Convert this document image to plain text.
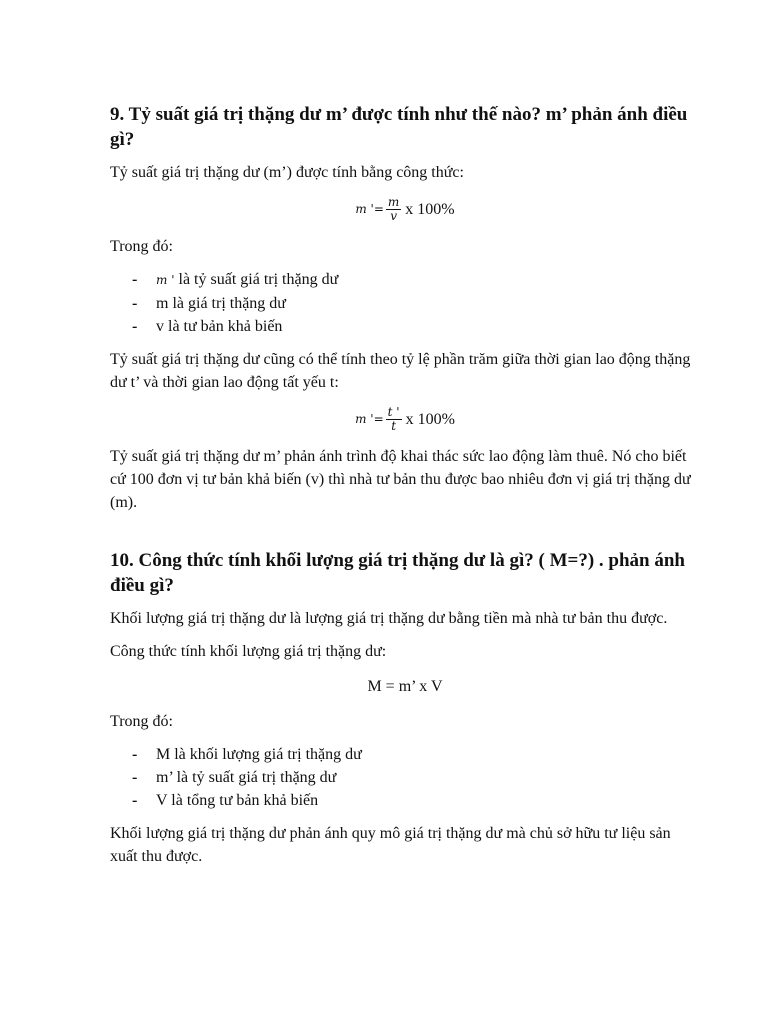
9. Tỷ suất giá trị thặng dư m’ được tính như thế nào? m’ phản ánh điều gì?

Tỷ suất giá trị thặng dư (m’) được tính bằng công thức:

m '= $\frac{m}{v}$ x 100%

Trong đó:

- m ' là tỷ suất giá trị thặng dư
- m là giá trị thặng dư
- v là tư bản khả biến

Tỷ suất giá trị thặng dư cũng có thể tính theo tỷ lệ phần trăm giữa thời gian lao động thặng dư t’ và thời gian lao động tất yếu t:

m '= $\frac{t '}{t}$ x 100%

Tỷ suất giá trị thặng dư m’ phản ánh trình độ khai thác sức lao động làm thuê. Nó cho biết cứ 100 đơn vị tư bản khả biến (v) thì nhà tư bản thu được bao nhiêu đơn vị giá trị thặng dư (m).

10. Công thức tính khối lượng giá trị thặng dư là gì? ( M=?) . phản ánh điều gì?

Khối lượng giá trị thặng dư là lượng giá trị thặng dư bằng tiền mà nhà tư bản thu được.

Công thức tính khối lượng giá trị thặng dư:

M = m’ x V

Trong đó:

- M là khối lượng giá trị thặng dư
- m’ là tỷ suất giá trị thặng dư
- V là tổng tư bản khả biến

Khối lượng giá trị thặng dư phản ánh quy mô giá trị thặng dư mà chủ sở hữu tư liệu sản xuất thu được.
